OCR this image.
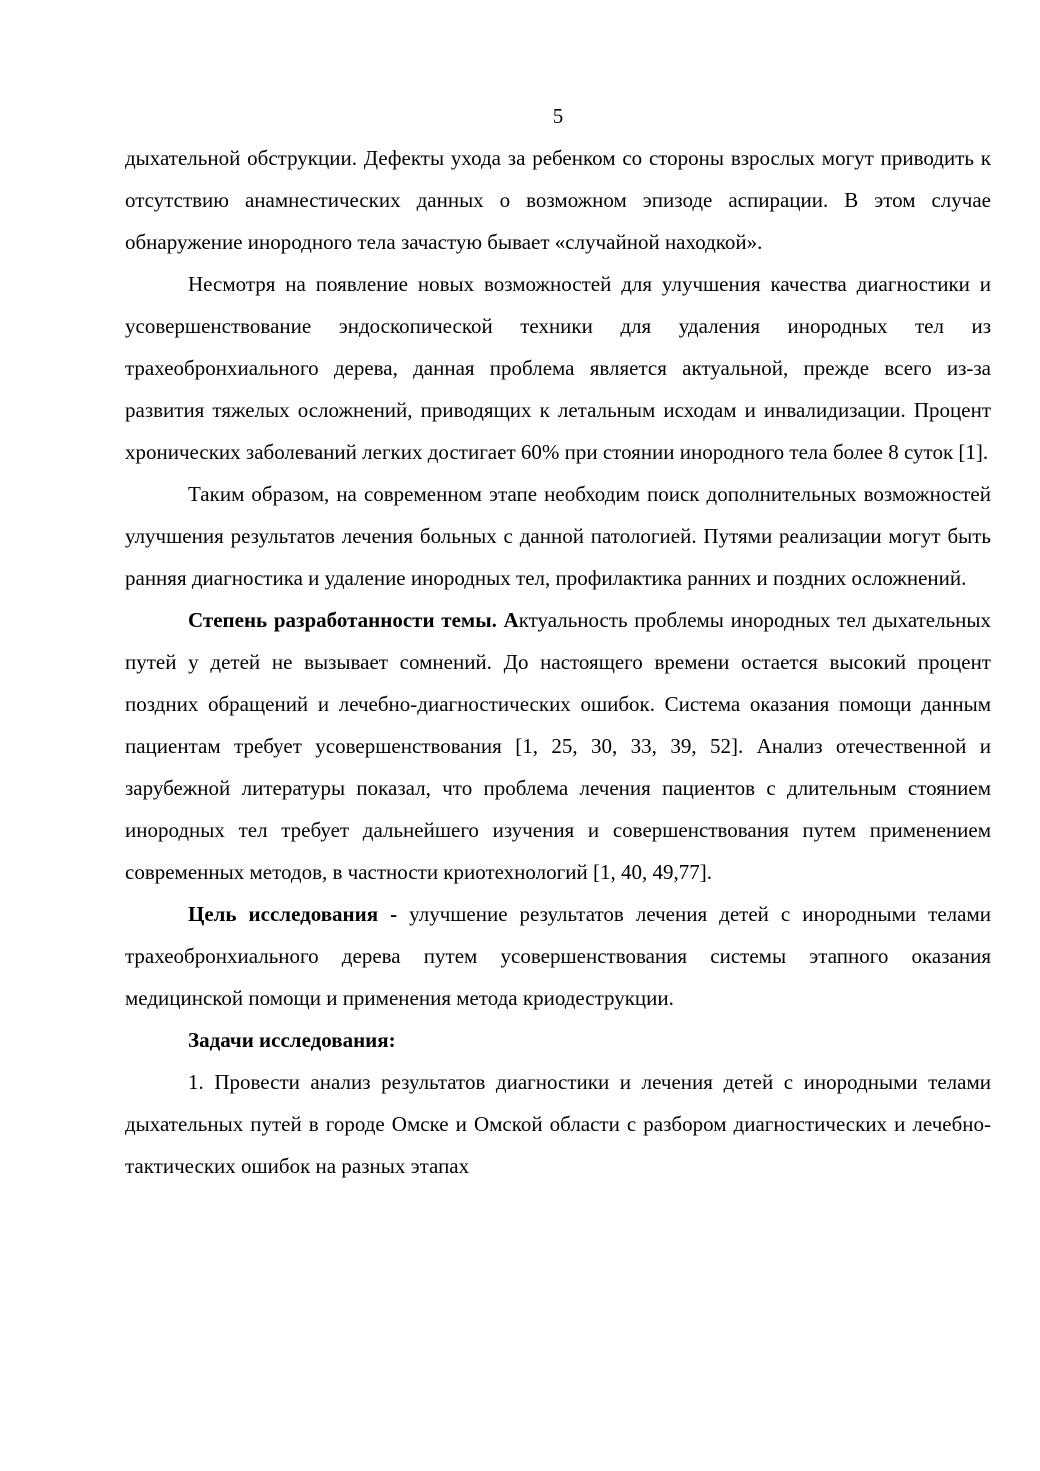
5

дыхательной обструкции. Дефекты ухода за ребенком со стороны взрослых могут приводить к отсутствию анамнестических данных о возможном эпизоде аспирации. В этом случае обнаружение инородного тела зачастую бывает «случайной находкой».

Несмотря на появление новых возможностей для улучшения качества диагностики и усовершенствование эндоскопической техники для удаления инородных тел из трахеобронхиального дерева, данная проблема является актуальной, прежде всего из-за развития тяжелых осложнений, приводящих к летальным исходам и инвалидизации. Процент хронических заболеваний легких достигает 60% при стоянии инородного тела более 8 суток [1].

Таким образом, на современном этапе необходим поиск дополнительных возможностей улучшения результатов лечения больных с данной патологией. Путями реализации могут быть ранняя диагностика и удаление инородных тел, профилактика ранних и поздних осложнений.

Степень разработанности темы. Актуальность проблемы инородных тел дыхательных путей у детей не вызывает сомнений. До настоящего времени остается высокий процент поздних обращений и лечебно-диагностических ошибок. Система оказания помощи данным пациентам требует усовершенствования [1, 25, 30, 33, 39, 52]. Анализ отечественной и зарубежной литературы показал, что проблема лечения пациентов с длительным стоянием инородных тел требует дальнейшего изучения и совершенствования путем применением современных методов, в частности криотехнологий [1, 40, 49,77].

Цель исследования - улучшение результатов лечения детей с инородными телами трахеобронхиального дерева путем усовершенствования системы этапного оказания медицинской помощи и применения метода криодеструкции.

Задачи исследования:

1. Провести анализ результатов диагностики и лечения детей с инородными телами дыхательных путей в городе Омске и Омской области с разбором диагностических и лечебно-тактических ошибок на разных этапах
